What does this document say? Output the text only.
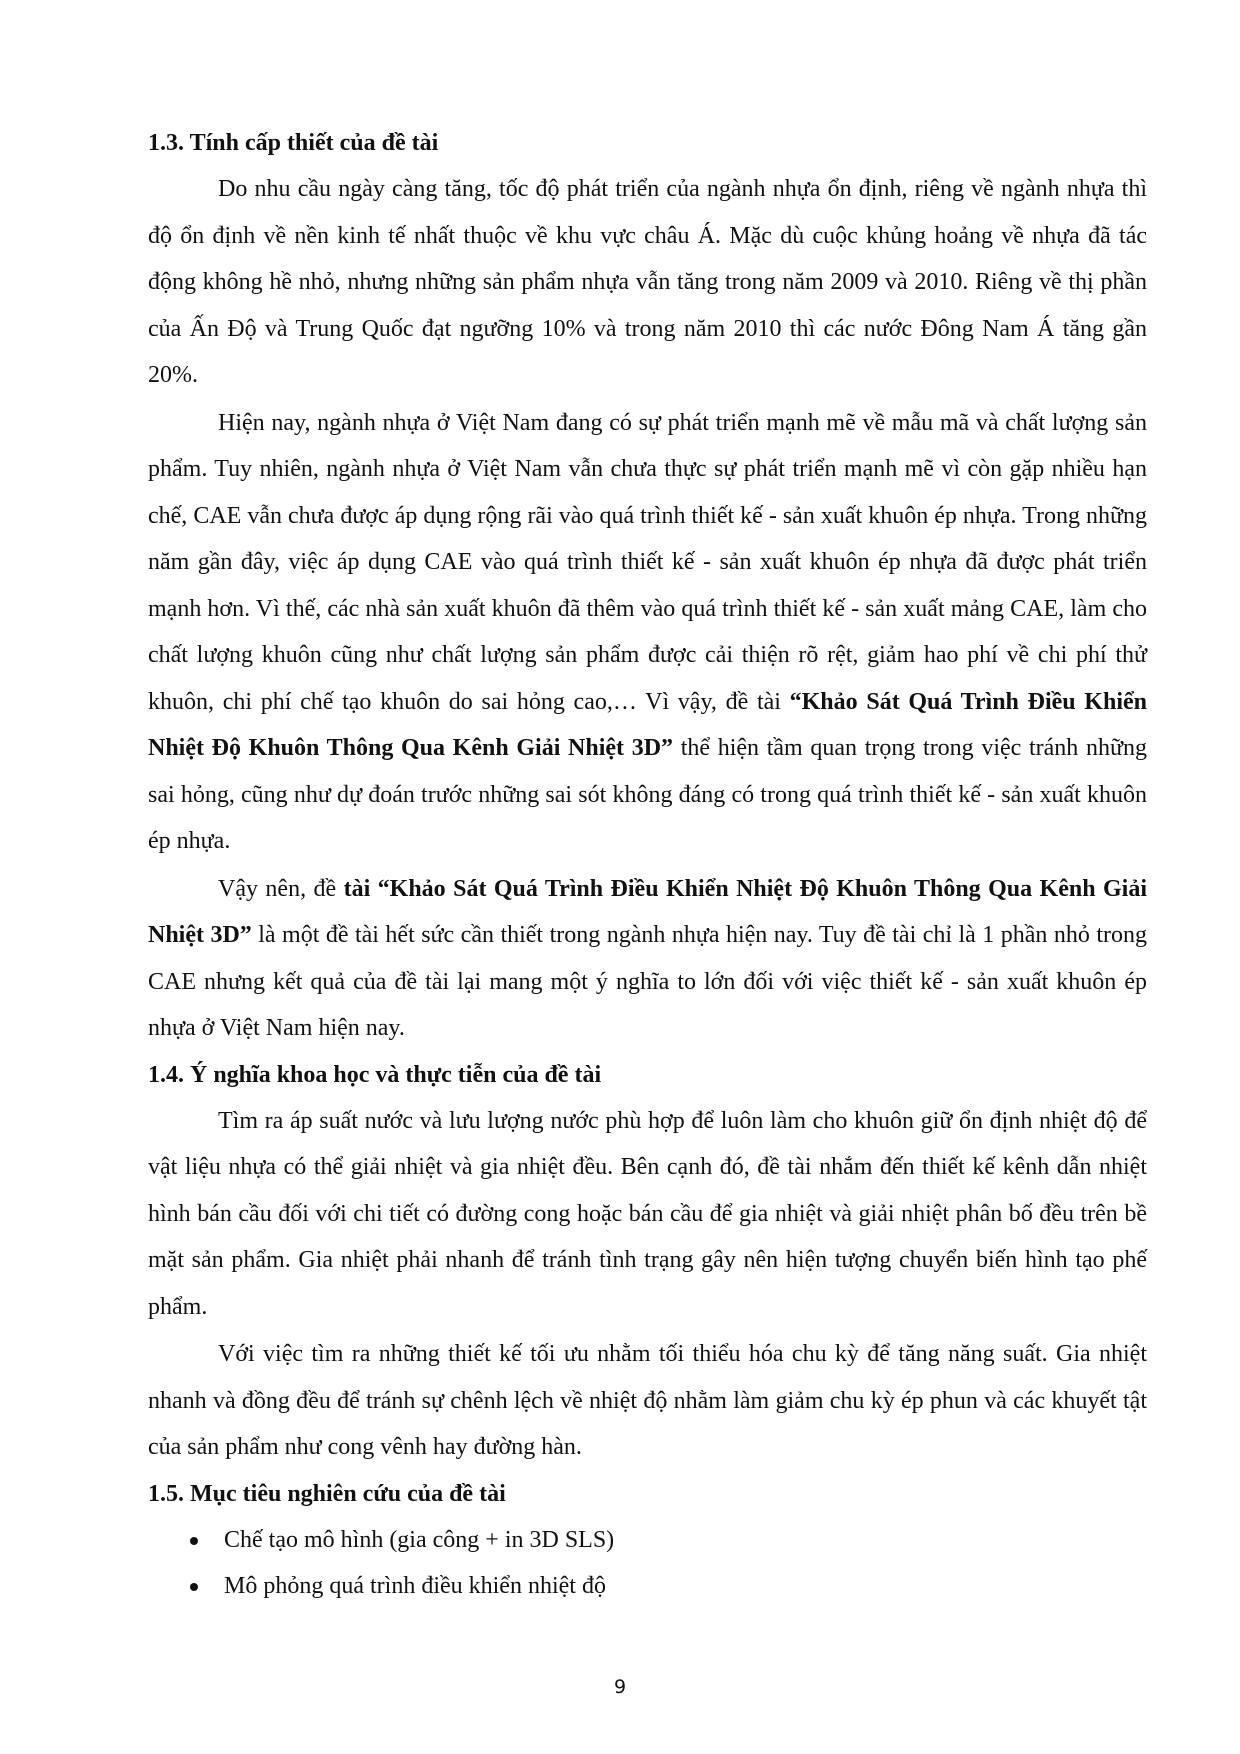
1.3. Tính cấp thiết của đề tài

Do nhu cầu ngày càng tăng, tốc độ phát triển của ngành nhựa ổn định, riêng về ngành nhựa thì độ ổn định về nền kinh tế nhất thuộc về khu vực châu Á. Mặc dù cuộc khủng hoảng về nhựa đã tác động không hề nhỏ, nhưng những sản phẩm nhựa vẫn tăng trong năm 2009 và 2010. Riêng về thị phần của Ấn Độ và Trung Quốc đạt ngưỡng 10% và trong năm 2010 thì các nước Đông Nam Á tăng gần 20%.

Hiện nay, ngành nhựa ở Việt Nam đang có sự phát triển mạnh mẽ về mẫu mã và chất lượng sản phẩm. Tuy nhiên, ngành nhựa ở Việt Nam vẫn chưa thực sự phát triển mạnh mẽ vì còn gặp nhiều hạn chế, CAE vẫn chưa được áp dụng rộng rãi vào quá trình thiết kế - sản xuất khuôn ép nhựa. Trong những năm gần đây, việc áp dụng CAE vào quá trình thiết kế - sản xuất khuôn ép nhựa đã được phát triển mạnh hơn. Vì thế, các nhà sản xuất khuôn đã thêm vào quá trình thiết kế - sản xuất mảng CAE, làm cho chất lượng khuôn cũng như chất lượng sản phẩm được cải thiện rõ rệt, giảm hao phí về chi phí thử khuôn, chi phí chế tạo khuôn do sai hỏng cao,… Vì vậy, đề tài “Khảo Sát Quá Trình Điều Khiển Nhiệt Độ Khuôn Thông Qua Kênh Giải Nhiệt 3D” thể hiện tầm quan trọng trong việc tránh những sai hỏng, cũng như dự đoán trước những sai sót không đáng có trong quá trình thiết kế - sản xuất khuôn ép nhựa.

Vậy nên, đề tài “Khảo Sát Quá Trình Điều Khiển Nhiệt Độ Khuôn Thông Qua Kênh Giải Nhiệt 3D” là một đề tài hết sức cần thiết trong ngành nhựa hiện nay. Tuy đề tài chỉ là 1 phần nhỏ trong CAE nhưng kết quả của đề tài lại mang một ý nghĩa to lớn đối với việc thiết kế - sản xuất khuôn ép nhựa ở Việt Nam hiện nay.

1.4. Ý nghĩa khoa học và thực tiễn của đề tài

Tìm ra áp suất nước và lưu lượng nước phù hợp để luôn làm cho khuôn giữ ổn định nhiệt độ để vật liệu nhựa có thể giải nhiệt và gia nhiệt đều. Bên cạnh đó, đề tài nhắm đến thiết kế kênh dẫn nhiệt hình bán cầu đối với chi tiết có đường cong hoặc bán cầu để gia nhiệt và giải nhiệt phân bố đều trên bề mặt sản phẩm. Gia nhiệt phải nhanh để tránh tình trạng gây nên hiện tượng chuyển biến hình tạo phế phẩm.

Với việc tìm ra những thiết kế tối ưu nhằm tối thiểu hóa chu kỳ để tăng năng suất. Gia nhiệt nhanh và đồng đều để tránh sự chênh lệch về nhiệt độ nhằm làm giảm chu kỳ ép phun và các khuyết tật của sản phẩm như cong vênh hay đường hàn.

1.5. Mục tiêu nghiên cứu của đề tài
Chế tạo mô hình (gia công + in 3D SLS)
Mô phỏng quá trình điều khiển nhiệt độ
9
